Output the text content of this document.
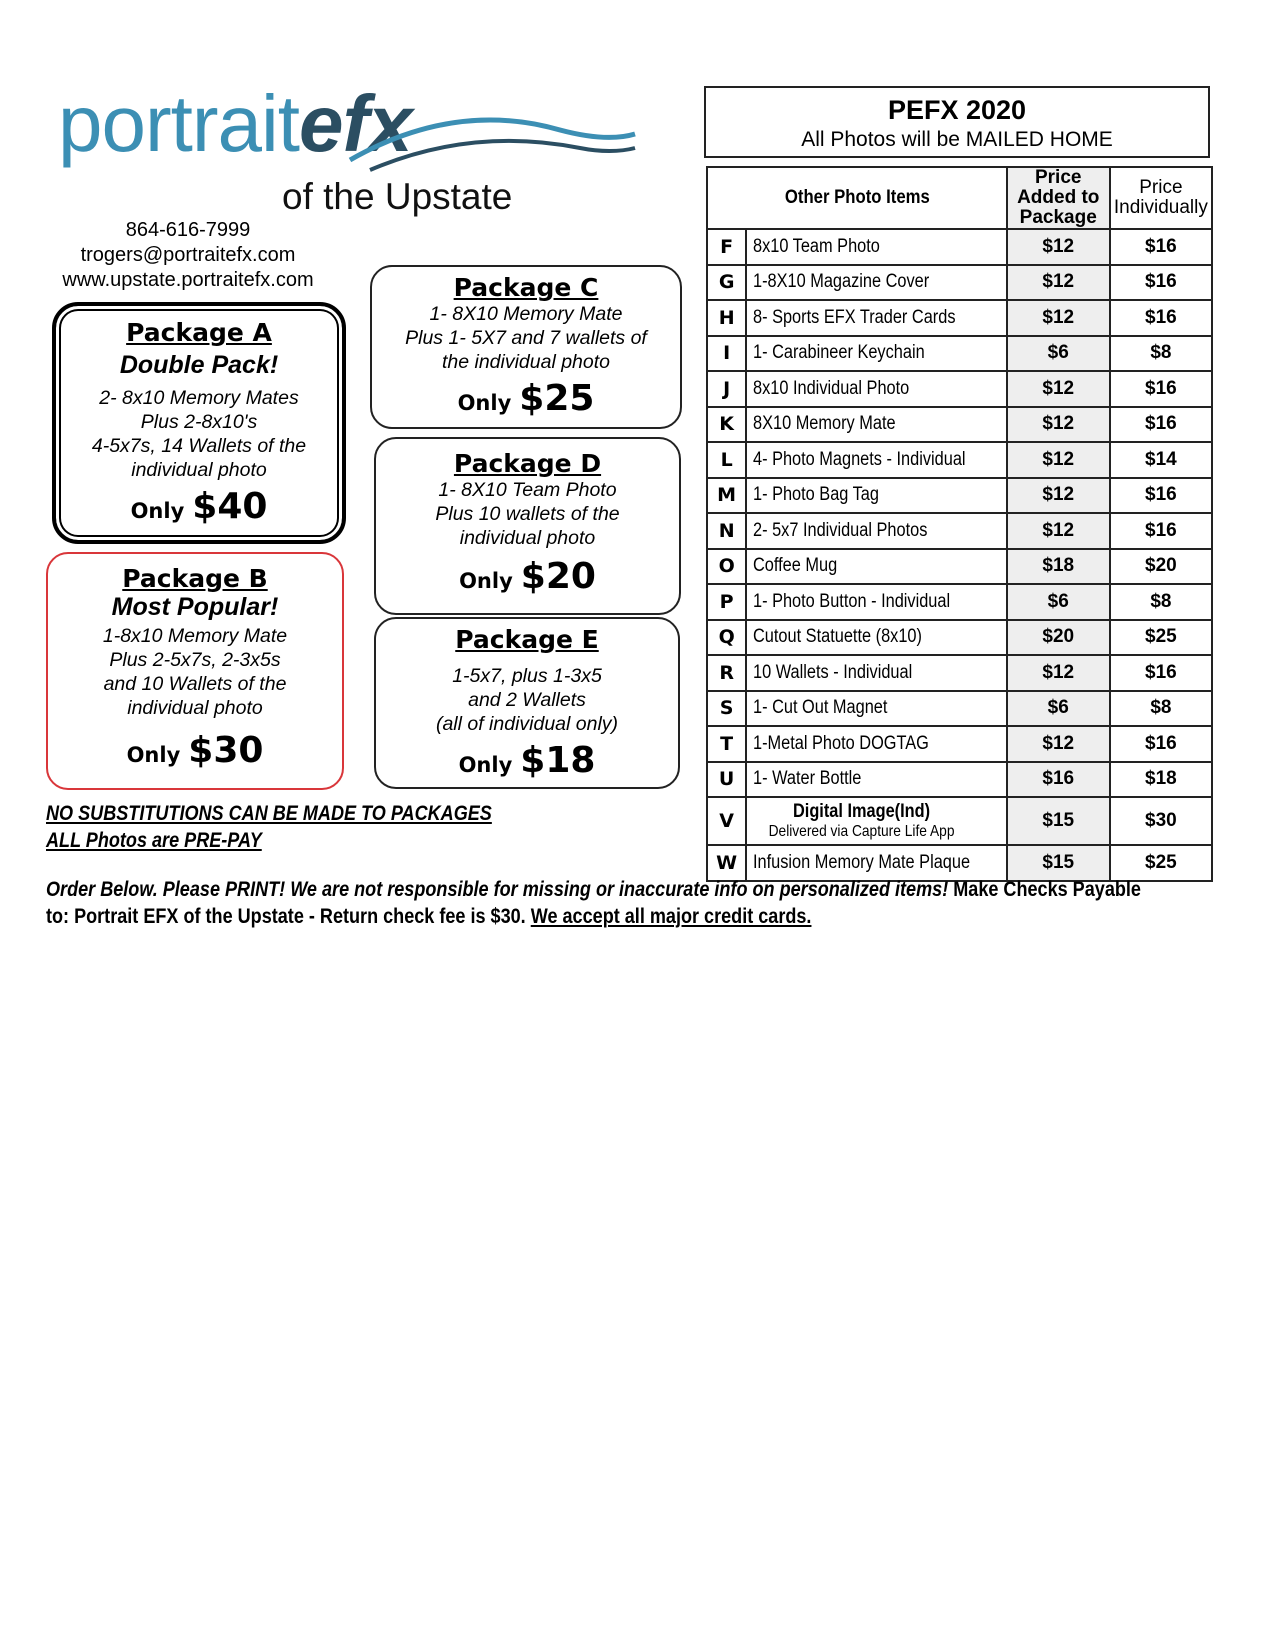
portraitefx
of the Upstate
864-616-7999
trogers@portraitefx.com
www.upstate.portraitefx.com
Package A
Double Pack!
2- 8x10 Memory Mates
Plus 2-8x10's
4-5x7s, 14 Wallets of the
individual photo
Only $40
Package B
Most Popular!
1-8x10 Memory Mate
Plus 2-5x7s, 2-3x5s
and 10 Wallets of the
individual photo
Only $30
Package C
1- 8X10 Memory Mate
Plus 1- 5X7 and 7 wallets of
the individual photo
Only $25
Package D
1- 8X10 Team Photo
Plus 10 wallets of the
individual photo
Only $20
Package E
1-5x7, plus 1-3x5
and 2 Wallets
(all of individual only)
Only $18
NO SUBSTITUTIONS CAN BE MADE TO PACKAGES
ALL Photos are PRE-PAY
PEFX 2020
All Photos will be MAILED HOME
Other Photo Items		Price Added to Package	Price Individually
F	8x10 Team Photo	$12	$16
G	1-8X10 Magazine Cover	$12	$16
H	8- Sports EFX Trader Cards	$12	$16
I	1- Carabineer Keychain	$6	$8
J	8x10 Individual Photo	$12	$16
K	8X10 Memory Mate	$12	$16
L	4- Photo Magnets - Individual	$12	$14
M	1- Photo Bag Tag	$12	$16
N	2- 5x7 Individual Photos	$12	$16
O	Coffee Mug	$18	$20
P	1- Photo Button - Individual	$6	$8
Q	Cutout Statuette (8x10)	$20	$25
R	10 Wallets - Individual	$12	$16
S	1- Cut Out Magnet	$6	$8
T	1-Metal Photo DOGTAG	$12	$16
U	1- Water Bottle	$16	$18
V	Digital Image(Ind)
Delivered via Capture Life App	$15	$30
W	Infusion Memory Mate Plaque	$15	$25
Order Below. Please PRINT! We are not responsible for missing or inaccurate info on personalized items! Make Checks Payable
to: Portrait EFX of the Upstate - Return check fee is $30. We accept all major credit cards.
